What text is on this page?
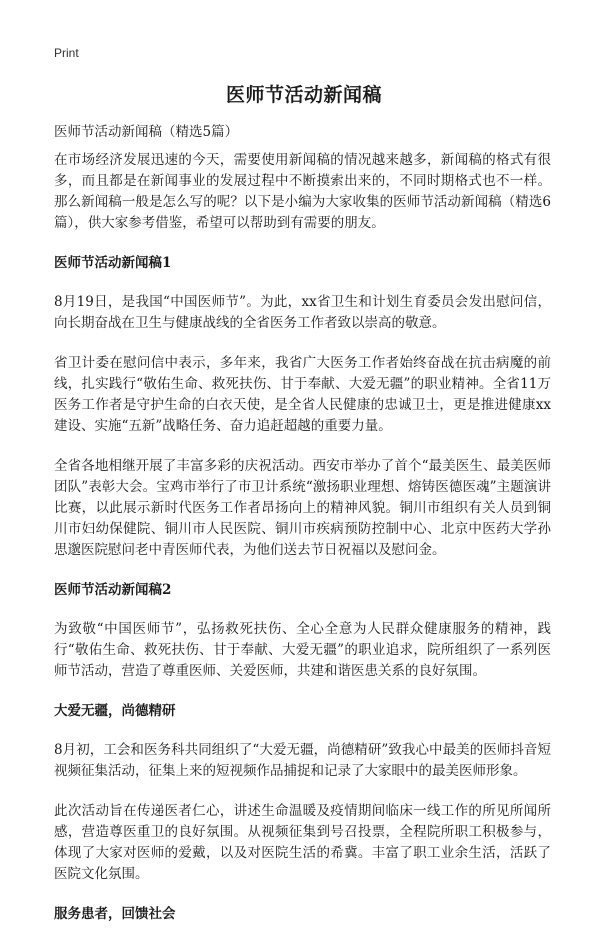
Print
医师节活动新闻稿

医师节活动新闻稿（精选5篇）

在市场经济发展迅速的今天，需要使用新闻稿的情况越来越多，新闻稿的格式有很多，而且都是在新闻事业的发展过程中不断摸索出来的，不同时期格式也不一样。那么新闻稿一般是怎么写的呢？以下是小编为大家收集的医师节活动新闻稿（精选6篇），供大家参考借鉴，希望可以帮助到有需要的朋友。

医师节活动新闻稿1

8月19日，是我国“中国医师节”。为此，xx省卫生和计划生育委员会发出慰问信，向长期奋战在卫生与健康战线的全省医务工作者致以崇高的敬意。

省卫计委在慰问信中表示，多年来，我省广大医务工作者始终奋战在抗击病魔的前线，扎实践行“敬佑生命、救死扶伤、甘于奉献、大爱无疆”的职业精神。全省11万医务工作者是守护生命的白衣天使，是全省人民健康的忠诚卫士，更是推进健康xx建设、实施“五新”战略任务、奋力追赶超越的重要力量。

全省各地相继开展了丰富多彩的庆祝活动。西安市举办了首个“最美医生、最美医师团队”表彰大会。宝鸡市举行了市卫计系统“激扬职业理想、熔铸医德医魂”主题演讲比赛，以此展示新时代医务工作者昂扬向上的精神风貌。铜川市组织有关人员到铜川市妇幼保健院、铜川市人民医院、铜川市疾病预防控制中心、北京中医药大学孙思邈医院慰问老中青医师代表，为他们送去节日祝福以及慰问金。

医师节活动新闻稿2

为致敬“中国医师节”，弘扬救死扶伤、全心全意为人民群众健康服务的精神，践行“敬佑生命、救死扶伤、甘于奉献、大爱无疆”的职业追求，院所组织了一系列医师节活动，营造了尊重医师、关爱医师，共建和谐医患关系的良好氛围。

大爱无疆，尚德精研

8月初，工会和医务科共同组织了“大爱无疆，尚德精研”致我心中最美的医师抖音短视频征集活动，征集上来的短视频作品捕捉和记录了大家眼中的最美医师形象。

此次活动旨在传递医者仁心，讲述生命温暖及疫情期间临床一线工作的所见所闻所感，营造尊医重卫的良好氛围。从视频征集到号召投票，全程院所职工积极参与，体现了大家对医师的爱戴，以及对医院生活的希冀。丰富了职工业余生活，活跃了医院文化氛围。

服务患者，回馈社会
